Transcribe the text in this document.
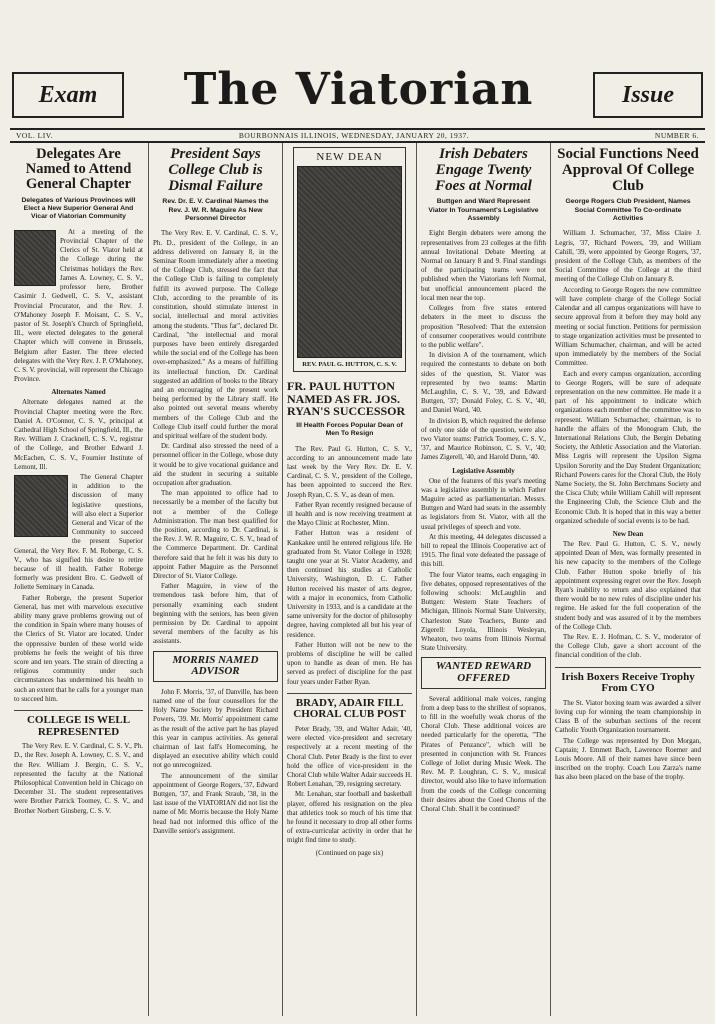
Exam	The Viatorian	Issue
VOL. LIV.	BOURBONNAIS ILLINOIS, WEDNESDAY, JANUARY 20, 1937.	NUMBER 6.
Delegates Are Named to Attend General Chapter
Delegates of Various Provinces will Elect a New Superior General And Vicar of Viatorian Community

At a meeting of the Provincial Chapter of the Clerics of St. Viator held at the College during the Christmas holidays the Rev. James A. Lowney, C. S. V., professor here, Brother Casimir J. Gedwell, C. S. V., assistant Provincial Procurator, and the Rev. J. O'Mahoney Joseph F. Moisant, C. S. V., pastor of St. Joseph's Church of Springfield, Ill., were elected delegates to the general Chapter which will convene in Brussels, Belgium after Easter. The three elected delegates with the Very Rev. J. P. O'Mahoney, C. S. V. provincial, will represent the Chicago Province.

Alternates Named

Alternate delegates named at the Provincial Chapter meeting were the Rev. Daniel A. O'Connor, C. S. V., principal at Cathedral High School of Springfield, Ill., the Rev. William J. Cracknell, C. S. V., registrar of the College, and Brother Edward J. McEachen, C. S. V., Fournier Institute of Lemont, Ill.

The General Chapter in addition to the discussion of many legislative questions, will also elect a Superior General and Vicar of the Community to succeed the present Superior General, the Very Rev. F. M. Roberge, C. S. V., who has signified his desire to retire because of ill health. Father Roberge formerly was president Bro. C. Gedwell of Joliette Seminary in Canada.

Father Roberge, the present Superior General, has met with marvelous executive ability many grave problems growing out of the condition in Spain where many houses of the Clerics of St. Viator are located. Under the oppressive burden of these world wide problems he feels the weight of his three score and ten years. The strain of directing a religious community under such circumstances has undermined his health to such an extent that he calls for a younger man to succeed him.

COLLEGE IS WELL REPRESENTED

The Very Rev. E. V. Cardinal, C. S. V., Ph. D., the Rev. Joseph A. Lowney, C. S. V., and the Rev. William J. Bergin, C. S. V., represented the faculty at the National Philosophical Convention held in Chicago on December 31. The student representatives were Brother Patrick Toomey, C. S. V., and Brother Norbert Ginsberg, C. S. V.

President Says College Club is Dismal Failure
Rev. Dr. E. V. Cardinal Names the Rev. J. W. R. Maguire As New Personnel Director

The Very Rev. E. V. Cardinal, C. S. V., Ph. D., president of the College, in an address delivered on January 8, in the Seminar Room immediately after a meeting of the College Club, stressed the fact that the College Club is failing to completely fulfill its avowed purpose. The College Club, according to the preamble of its constitution, should stimulate interest in social, intellectual and moral activities among the students. "Thus far", declared Dr. Cardinal, "the intellectual and moral purposes have been entirely disregarded while the social end of the College has been over-emphasized." As a means of fulfilling its intellectual function, Dr. Cardinal suggested an addition of books to the library and an encouraging of the present work being performed by the Library staff. He also pointed out several means whereby members of the College Club and the College Club itself could further the moral and spiritual welfare of the student body.

Dr. Cardinal also stressed the need of a personnel officer in the College, whose duty it would be to give vocational guidance and aid the student in securing a suitable occupation after graduation.

The man appointed to office had to necessarily be a member of the faculty but not a member of the College Administration. The man best qualified for the position, according to Dr. Cardinal, is the Rev. J. W. R. Maguire, C. S. V., head of the Commerce Department. Dr. Cardinal therefore said that he felt it was his duty to appoint Father Maguire as the Personnel Director of St. Viator College.

Father Maguire, in view of the tremendous task before him, that of personally examining each student beginning with the seniors, has been given permission by Dr. Cardinal to appoint several members of the faculty as his assistants.

MORRIS NAMED ADVISOR

John F. Morris, '37, of Danville, has been named one of the four counsellors for the Holy Name Society by President Richard Powers, '39. Mr. Morris' appointment came as the result of the active part he has played this year in campus activities. As general chairman of last fall's Homecoming, he displayed an executive ability which could not go unrecognized.

The announcement of the similar appointment of George Rogers, '37, Edward Buttgen, '37, and Frank Straub, '38, in the last issue of the VIATORIAN did not list the name of Mr. Morris because the Holy Name head had not informed this office of the Danville senior's assignment.

NEW DEAN
REV. PAUL G. HUTTON, C. S. V.
FR. PAUL HUTTON NAMED AS FR. JOS. RYAN'S SUCCESSOR
Ill Health Forces Popular Dean of Men To Resign

The Rev. Paul G. Hutton, C. S. V., according to an announcement made late last week by the Very Rev. Dr. E. V. Cardinal, C. S. V., president of the College, has been appointed to succeed the Rev. Joseph Ryan, C. S. V., as dean of men.

Father Ryan recently resigned because of ill health and is now receiving treatment at the Mayo Clinic at Rochester, Minn.

Father Hutton was a resident of Kankakee until he entered religious life. He graduated from St. Viator College in 1928; taught one year at St. Viator Academy, and then continued his studies at Catholic University, Washington, D. C. Father Hutton received his master of arts degree, with a major in economics, from Catholic University in 1933, and is a candidate at the same university for the doctor of philosophy degree, having completed all but his year of residence.

Father Hutton will not be new to the problems of discipline he will be called upon to handle as dean of men. He has served as prefect of discipline for the past four years under Father Ryan.

BRADY, ADAIR FILL CHORAL CLUB POST

Peter Brady, '39, and Walter Adair, '40, were elected vice-president and secretary respectively at a recent meeting of the Choral Club. Peter Brady is the first to ever hold the office of vice-president in the Choral Club while Walter Adair succeeds H. Robert Lenahan, '39, resigning secretary.

Mr. Lenahan, star football and basketball player, offered his resignation on the plea that athletics took so much of his time that he found it necessary to drop all other forms of extra-curricular activity in order that he might find time to study.

(Continued on page six)
Irish Debaters Engage Twenty Foes at Normal
Buttgen and Ward Represent Viator In Tournament's Legislative Assembly

Eight Bergin debaters were among the representatives from 23 colleges at the fifth annual Invitational Debate Meeting at Normal on January 8 and 9. Final standings of the participating teams were not published when the Viatorians left Normal, but unofficial announcement placed the local men near the top.

Colleges from five states entered debaters in the meet to discuss the proposition "Resolved: That the extension of consumer cooperatives would contribute to the public welfare".

In division A of the tournament, which required the contestants to debate on both sides of the question, St. Viator was represented by two teams: Martin McLaughlin, C. S. V., '39, and Edward Buttgen, '37; Donald Foley, C. S. V., '40, and Daniel Ward, '40.

In division B, which required the defense of only one side of the question, were also two Viator teams: Patrick Toomey, C. S. V., '37, and Maurice Robinson, C. S. V., '40; James Zigerell, '40, and Harold Dunn, '40.

Legislative Assembly

One of the features of this year's meeting was a legislative assembly in which Father Maguire acted as parliamentarian. Messrs. Buttgen and Ward had seats in the assembly as legislators from St. Viator, with all the usual privileges of speech and vote.

At this meeting, 44 delegates discussed a bill to repeal the Illinois Cooperative act of 1915. The final vote defeated the passage of this bill.

The four Viator teams, each engaging in five debates, opposed representatives of the following schools: McLaughlin and Buttgen: Western State Teachers of Michigan, Illinois Normal State University, Charleston State Teachers, Bunte and Zigerell: Loyola, Illinois Wesleyan, Wheaton, two teams from Illinois Normal State University.

WANTED REWARD OFFERED

Several additional male voices, ranging from a deep bass to the shrillest of sopranos, to fill in the woefully weak chorus of the Choral Club. These additional voices are needed particularly for the operetta, "The Pirates of Penzance", which will be presented in conjunction with St. Frances College of Joliet during Music Week. The Rev. M. P. Loughran, C. S. V., musical director, would also like to have information from the coeds of the College concerning their desires about the Coed Chorus of the Choral Club. Shall it be continued?

Social Functions Need Approval Of College Club
George Rogers Club President, Names Social Committee To Co-ordinate Activities

William J. Schumacher, '37, Miss Claire J. Legris, '37, Richard Powers, '39, and William Cahill, '39, were appointed by George Rogers, '37, president of the College Club, as members of the Social Committee of the College at the third meeting of the College Club on January 8.

According to George Rogers the new committee will have complete charge of the College Social Calendar and all campus organizations will have to secure approval from it before they may hold any meeting or social function. Petitions for permission to stage organization activities must be presented to William Schumacher, chairman, and will be acted upon immediately by the members of the Social Committee.

Each and every campus organization, according to George Rogers, will be sure of adequate representation on the new committee. He made it a part of his appointment to indicate which organizations each member of the committee was to represent. William Schumacher, chairman, is to handle the affairs of the Monogram Club, the International Relations Club, the Bergin Debating Society, the Athletic Association and the Viatorian. Miss Legris will represent the Upsilon Sigma Upsilon Sorority and the Day Student Organization; Richard Powers cares for the Choral Club, the Holy Name Society, the St. John Berchmans Society and the Cisca Club; while William Cahill will represent the Engineering Club, the Science Club and the Economic Club. It is hoped that in this way a better organized schedule of social events is to be had.

New Dean

The Rev. Paul G. Hutton, C. S. V., newly appointed Dean of Men, was formally presented in his new capacity to the members of the College Club. Father Hutton spoke briefly of his appointment expressing regret over the Rev. Joseph Ryan's inability to return and also explained that there would be no new rules of discipline under his regime. He asked for the full cooperation of the student body and was assured of it by the members of the College Club.

The Rev. E. J. Hofman, C. S. V., moderator of the College Club, gave a short account of the financial condition of the club.

Irish Boxers Receive Trophy From CYO

The St. Viator boxing team was awarded a silver loving cup for winning the team championship in Class B of the suburban sections of the recent Catholic Youth Organization tournament.

The College was represented by Don Morgan, Captain; J. Emmett Bach, Lawrence Roemer and Louis Moore. All of their names have since been inscribed on the trophy. Coach Lou Zarza's name has also been placed on the base of the trophy.
